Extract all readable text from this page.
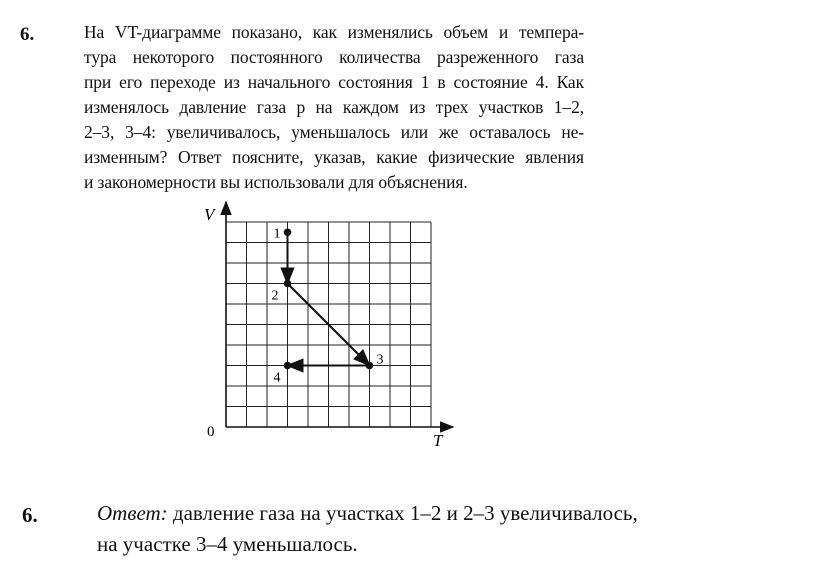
6.	На VT-диаграмме показано, как изменялись объем и темпера-
тура некоторого постоянного количества разреженного газа
при его переходе из начального состояния 1 в состояние 4. Как
изменялось давление газа p на каждом из трех участков 1–2,
2–3, 3–4: увеличивалось, уменьшалось или же оставалось не-
изменным? Ответ поясните, указав, какие физические явления
и закономерности вы использовали для объяснения.

V
T
0
1
2
3
4
6.	Ответ: давление газа на участках 1–2 и 2–3 увеличивалось,
на участке 3–4 уменьшалось.
